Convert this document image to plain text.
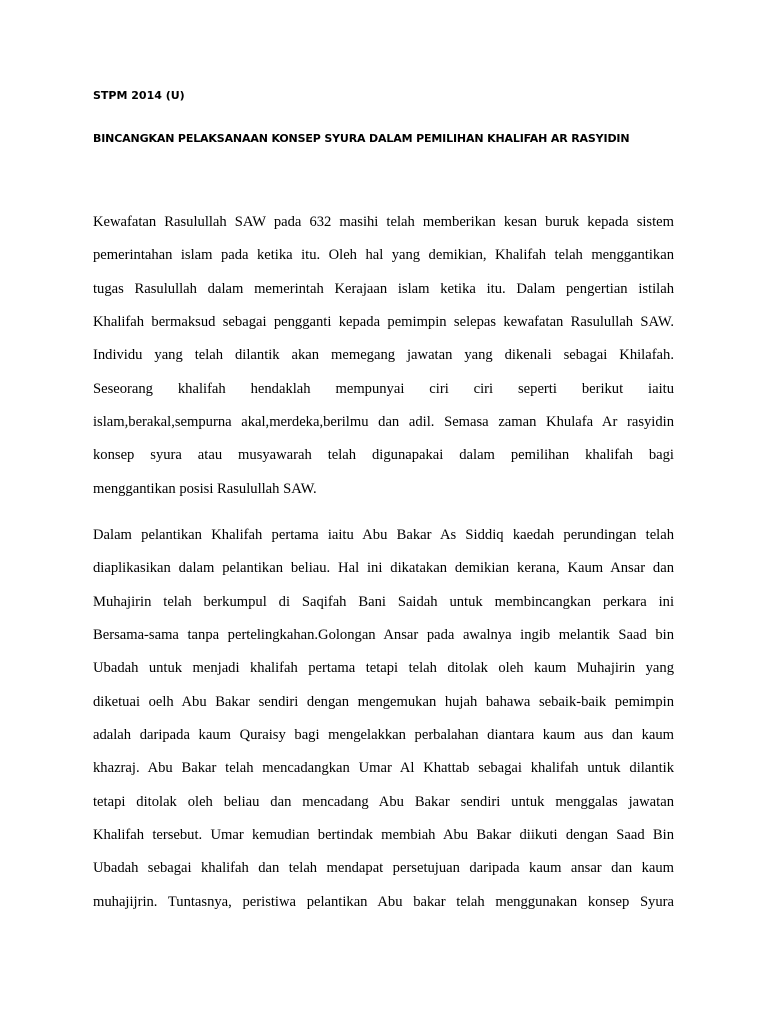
STPM 2014 (U)
BINCANGKAN PELAKSANAAN KONSEP SYURA DALAM PEMILIHAN KHALIFAH AR RASYIDIN
Kewafatan Rasulullah SAW pada 632 masihi telah memberikan kesan buruk kepada sistem
pemerintahan islam pada ketika itu. Oleh hal yang demikian, Khalifah telah menggantikan
tugas Rasulullah dalam memerintah Kerajaan islam ketika itu. Dalam pengertian istilah
Khalifah bermaksud sebagai pengganti kepada pemimpin selepas kewafatan Rasulullah SAW.
Individu yang telah dilantik akan memegang jawatan yang dikenali sebagai Khilafah.
Seseorang khalifah hendaklah mempunyai ciri ciri seperti berikut iaitu
islam,berakal,sempurna akal,merdeka,berilmu dan adil. Semasa zaman Khulafa Ar rasyidin
konsep syura atau musyawarah telah digunapakai dalam pemilihan khalifah bagi
menggantikan posisi Rasulullah SAW.
Dalam pelantikan Khalifah pertama iaitu Abu Bakar As Siddiq kaedah perundingan telah
diaplikasikan dalam pelantikan beliau. Hal ini dikatakan demikian kerana, Kaum Ansar dan
Muhajirin telah berkumpul di Saqifah Bani Saidah untuk membincangkan perkara ini
Bersama-sama tanpa pertelingkahan.Golongan Ansar pada awalnya ingib melantik Saad bin
Ubadah untuk menjadi khalifah pertama tetapi telah ditolak oleh kaum Muhajirin yang
diketuai oelh Abu Bakar sendiri dengan mengemukan hujah bahawa sebaik-baik pemimpin
adalah daripada kaum Quraisy bagi mengelakkan perbalahan diantara kaum aus dan kaum
khazraj. Abu Bakar telah mencadangkan Umar Al Khattab sebagai khalifah untuk dilantik
tetapi ditolak oleh beliau dan mencadang Abu Bakar sendiri untuk menggalas jawatan
Khalifah tersebut. Umar kemudian bertindak membiah Abu Bakar diikuti dengan Saad Bin
Ubadah sebagai khalifah dan telah mendapat persetujuan daripada kaum ansar dan kaum
muhajijrin. Tuntasnya, peristiwa pelantikan Abu bakar telah menggunakan konsep Syura
